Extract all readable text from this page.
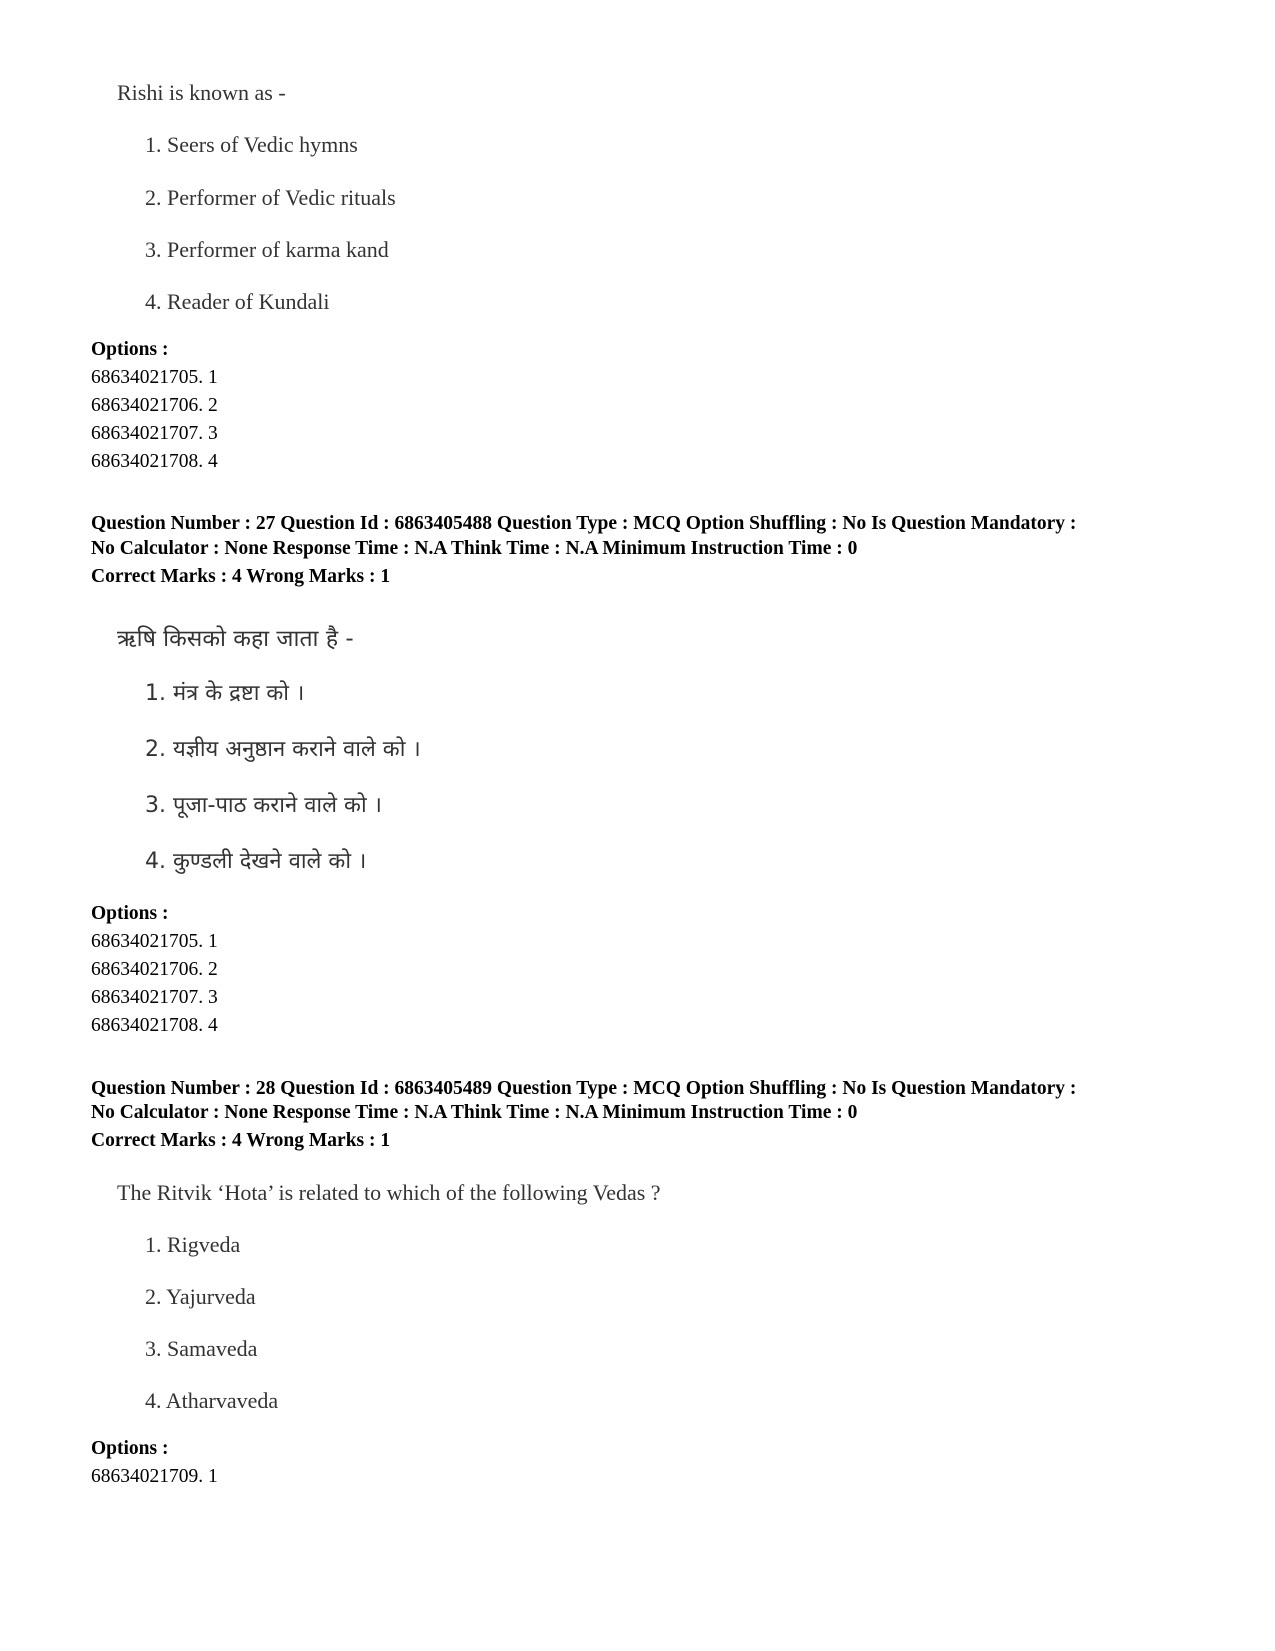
Rishi is known as -
1. Seers of Vedic hymns
2. Performer of Vedic rituals
3. Performer of karma kand
4. Reader of Kundali
Options :
68634021705. 1
68634021706. 2
68634021707. 3
68634021708. 4
Question Number : 27 Question Id : 6863405488 Question Type : MCQ Option Shuffling : No Is Question Mandatory :
No Calculator : None Response Time : N.A Think Time : N.A Minimum Instruction Time : 0
Correct Marks : 4 Wrong Marks : 1
ऋषि किसको कहा जाता है -
1. मंत्र के द्रष्टा को ।
2. यज्ञीय अनुष्ठान कराने वाले को ।
3. पूजा-पाठ कराने वाले को ।
4. कुण्डली देखने वाले को ।
Options :
68634021705. 1
68634021706. 2
68634021707. 3
68634021708. 4
Question Number : 28 Question Id : 6863405489 Question Type : MCQ Option Shuffling : No Is Question Mandatory :
No Calculator : None Response Time : N.A Think Time : N.A Minimum Instruction Time : 0
Correct Marks : 4 Wrong Marks : 1
The Ritvik ‘Hota’ is related to which of the following Vedas ?
1. Rigveda
2. Yajurveda
3. Samaveda
4. Atharvaveda
Options :
68634021709. 1
